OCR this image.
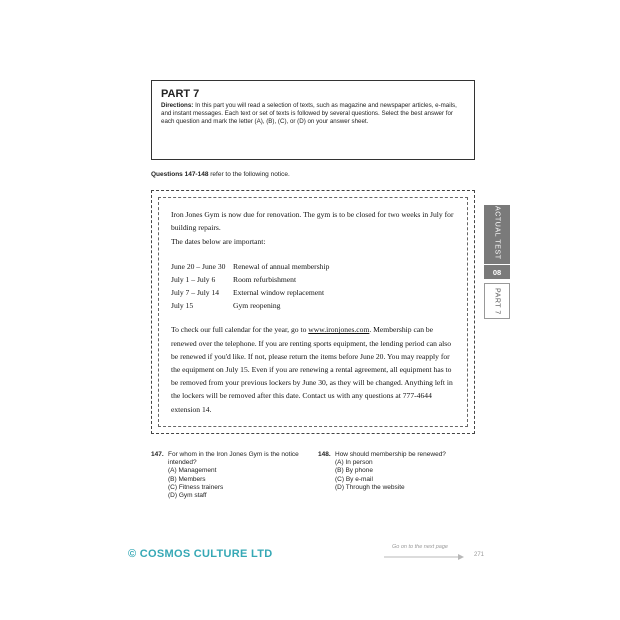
PART 7

Directions: In this part you will read a selection of texts, such as magazine and newspaper articles, e-mails, and instant messages. Each text or set of texts is followed by several questions. Select the best answer for each question and mark the letter (A), (B), (C), or (D) on your answer sheet.

Questions 147-148 refer to the following notice.

Iron Jones Gym is now due for renovation. The gym is to be closed for two weeks in July for building repairs.

The dates below are important:

June 20 – June 30 Renewal of annual membership
July 1 – July 6	Room refurbishment
July 7 – July 14	External window replacement
July 15	Gym reopening

To check our full calendar for the year, go to www.ironjones.com. Membership can be renewed over the telephone. If you are renting sports equipment, the lending period can also be renewed if you'd like. If not, please return the items before June 20. You may reapply for the equipment on July 15. Even if you are renewing a rental agreement, all equipment has to be removed from your previous lockers by June 30, as they will be changed. Anything left in the lockers will be removed after this date. Contact us with any questions at 777-4644 extension 14.

ACTUAL TEST
08
PART 7
147. For whom in the Iron Jones Gym is the notice intended?

(A) Management

(B) Members

(C) Fitness trainers

(D) Gym staff

148. How should membership be renewed?

(A) In person

(B) By phone

(C) By e-mail

(D) Through the website

© COSMOS CULTURE LTD
Go on to the next page
271
